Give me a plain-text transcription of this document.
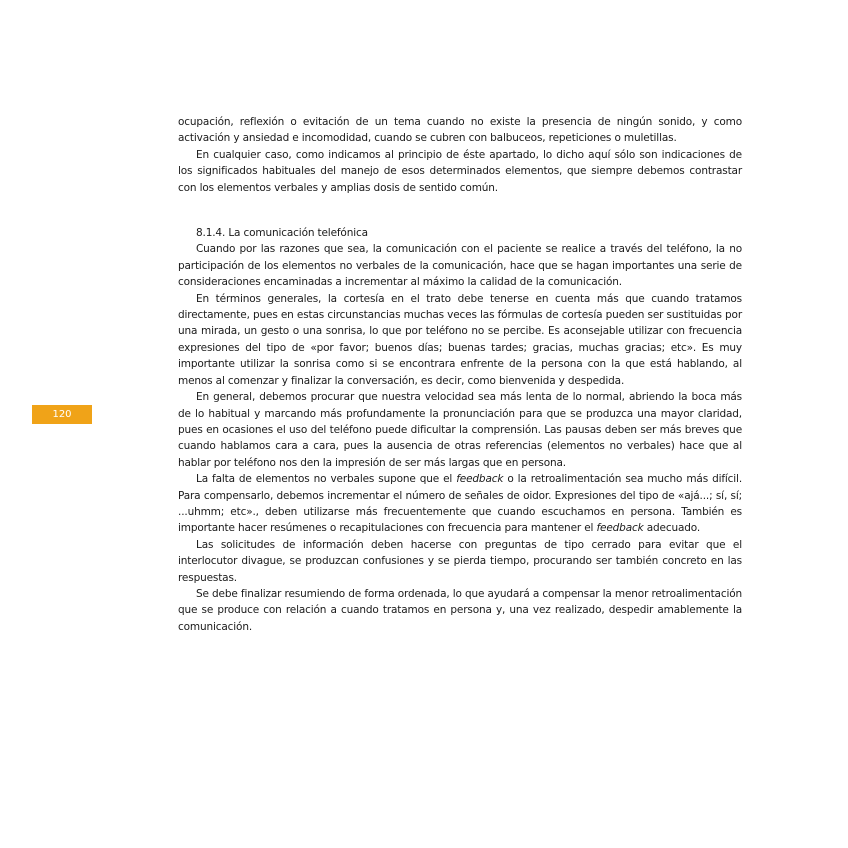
120

ocupación, reflexión o evitación de un tema cuando no existe la presencia de ningún sonido, y como activación y ansiedad e incomodidad, cuando se cubren con balbuceos, repeticiones o muletillas.

En cualquier caso, como indicamos al principio de éste apartado, lo dicho aquí sólo son indicaciones de los significados habituales del manejo de esos determinados elementos, que siempre debemos contrastar con los elementos verbales y amplias dosis de sentido común.

8.1.4. La comunicación telefónica

Cuando por las razones que sea, la comunicación con el paciente se realice a través del teléfono, la no participación de los elementos no verbales de la comunicación, hace que se hagan importantes una serie de consideraciones encaminadas a incrementar al máximo la calidad de la comunicación.

En términos generales, la cortesía en el trato debe tenerse en cuenta más que cuando tratamos directamente, pues en estas circunstancias muchas veces las fórmulas de cortesía pueden ser sustituidas por una mirada, un gesto o una sonrisa, lo que por teléfono no se percibe. Es aconsejable utilizar con frecuencia expresiones del tipo de «por favor; buenos días; buenas tardes; gracias, muchas gracias; etc». Es muy importante utilizar la sonrisa como si se encontrara enfrente de la persona con la que está hablando, al menos al comenzar y finalizar la conversación, es decir, como bienvenida y despedida.

En general, debemos procurar que nuestra velocidad sea más lenta de lo normal, abriendo la boca más de lo habitual y marcando más profundamente la pronunciación para que se produzca una mayor claridad, pues en ocasiones el uso del teléfono puede dificultar la comprensión. Las pausas deben ser más breves que cuando hablamos cara a cara, pues la ausencia de otras referencias (elementos no verbales) hace que al hablar por teléfono nos den la impresión de ser más largas que en persona.

La falta de elementos no verbales supone que el feedback o la retroalimentación sea mucho más difícil. Para compensarlo, debemos incrementar el número de señales de oidor. Expresiones del tipo de «ajá...; sí, sí; ...uhmm; etc»., deben utilizarse más frecuentemente que cuando escuchamos en persona. También es importante hacer resúmenes o recapitulaciones con frecuencia para mantener el feedback adecuado.

Las solicitudes de información deben hacerse con preguntas de tipo cerrado para evitar que el interlocutor divague, se produzcan confusiones y se pierda tiempo, procurando ser también concreto en las respuestas.

Se debe finalizar resumiendo de forma ordenada, lo que ayudará a compensar la menor retroalimentación que se produce con relación a cuando tratamos en persona y, una vez realizado, despedir amablemente la comunicación.
